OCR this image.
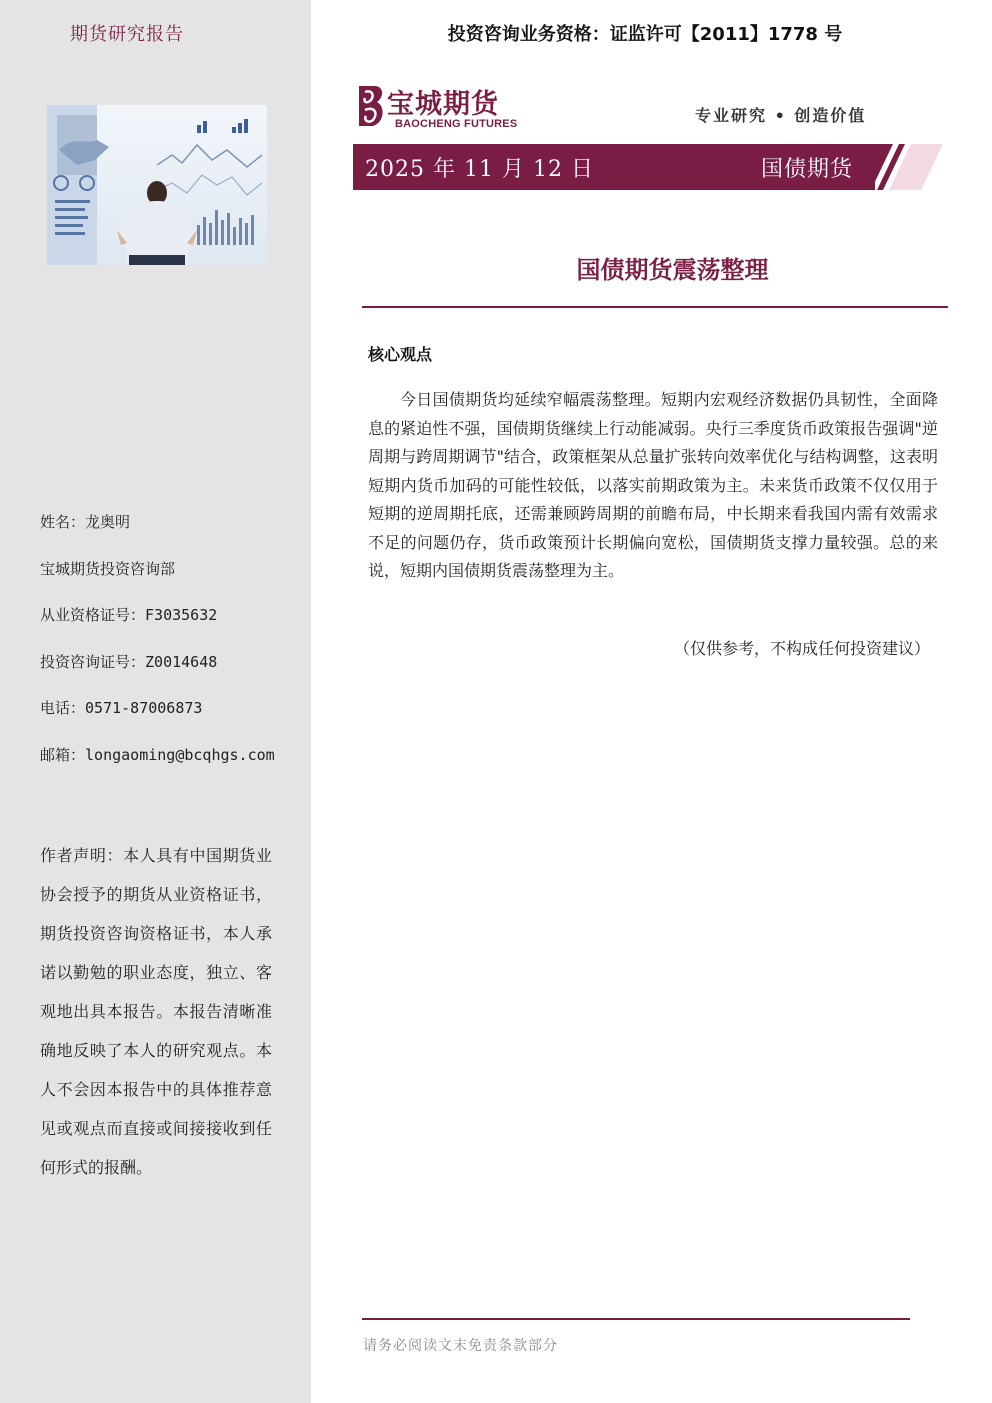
期货研究报告
姓名：龙奥明
宝城期货投资咨询部
从业资格证号：F3035632
投资咨询证号：Z0014648
电话：0571-87006873
邮箱：longaoming@bcqhgs.com
作者声明：本人具有中国期货业协会授予的期货从业资格证书，期货投资咨询资格证书，本人承诺以勤勉的职业态度，独立、客观地出具本报告。本报告清晰准确地反映了本人的研究观点。本人不会因本报告中的具体推荐意见或观点而直接或间接接收到任何形式的报酬。
投资咨询业务资格：证监许可【2011】1778 号
宝城期货
BAOCHENG FUTURES	专业研究 • 创造价值
2025 年 11 月 12 日	国债期货
国债期货震荡整理
核心观点
今日国债期货均延续窄幅震荡整理。短期内宏观经济数据仍具韧性，全面降息的紧迫性不强，国债期货继续上行动能减弱。央行三季度货币政策报告强调"逆周期与跨周期调节"结合，政策框架从总量扩张转向效率优化与结构调整，这表明短期内货币加码的可能性较低，以落实前期政策为主。未来货币政策不仅仅用于短期的逆周期托底，还需兼顾跨周期的前瞻布局，中长期来看我国内需有效需求不足的问题仍存，货币政策预计长期偏向宽松，国债期货支撑力量较强。总的来说，短期内国债期货震荡整理为主。
（仅供参考，不构成任何投资建议）
请务必阅读文末免责条款部分
